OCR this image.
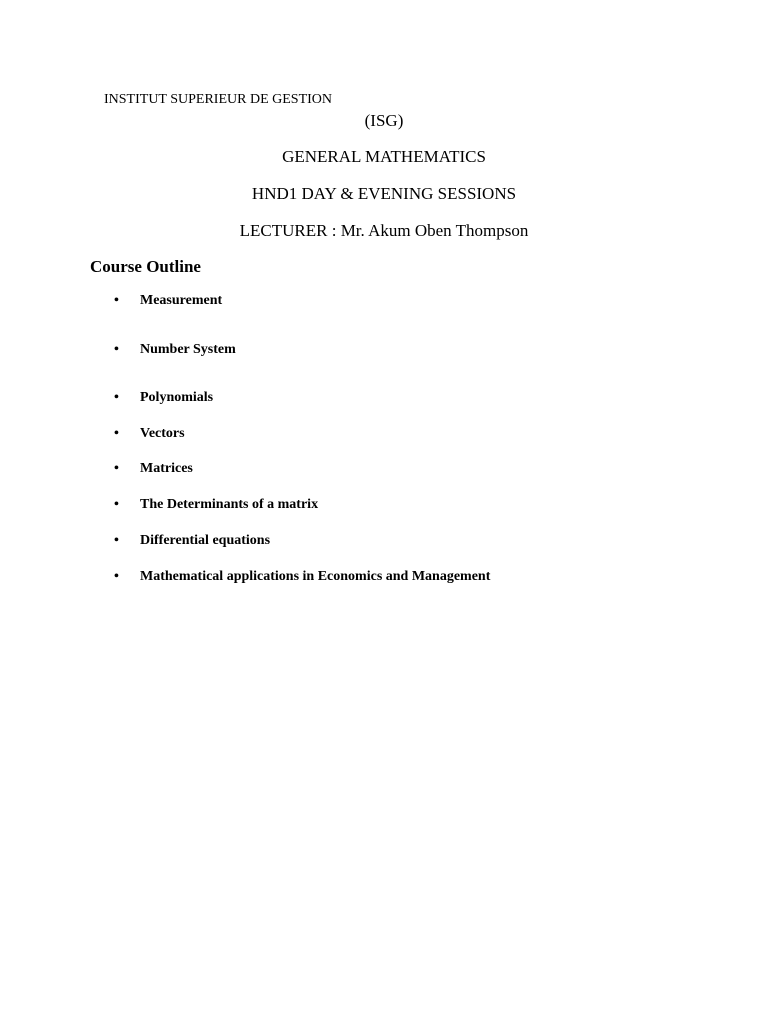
INSTITUT SUPERIEUR DE GESTION
(ISG)
GENERAL MATHEMATICS
HND1 DAY & EVENING SESSIONS
LECTURER : Mr. Akum Oben Thompson
Course Outline
•	Measurement
•	Number System
•	Polynomials
•	Vectors
•	Matrices
•	The Determinants of a matrix
•	Differential equations
•	Mathematical applications in Economics and Management
